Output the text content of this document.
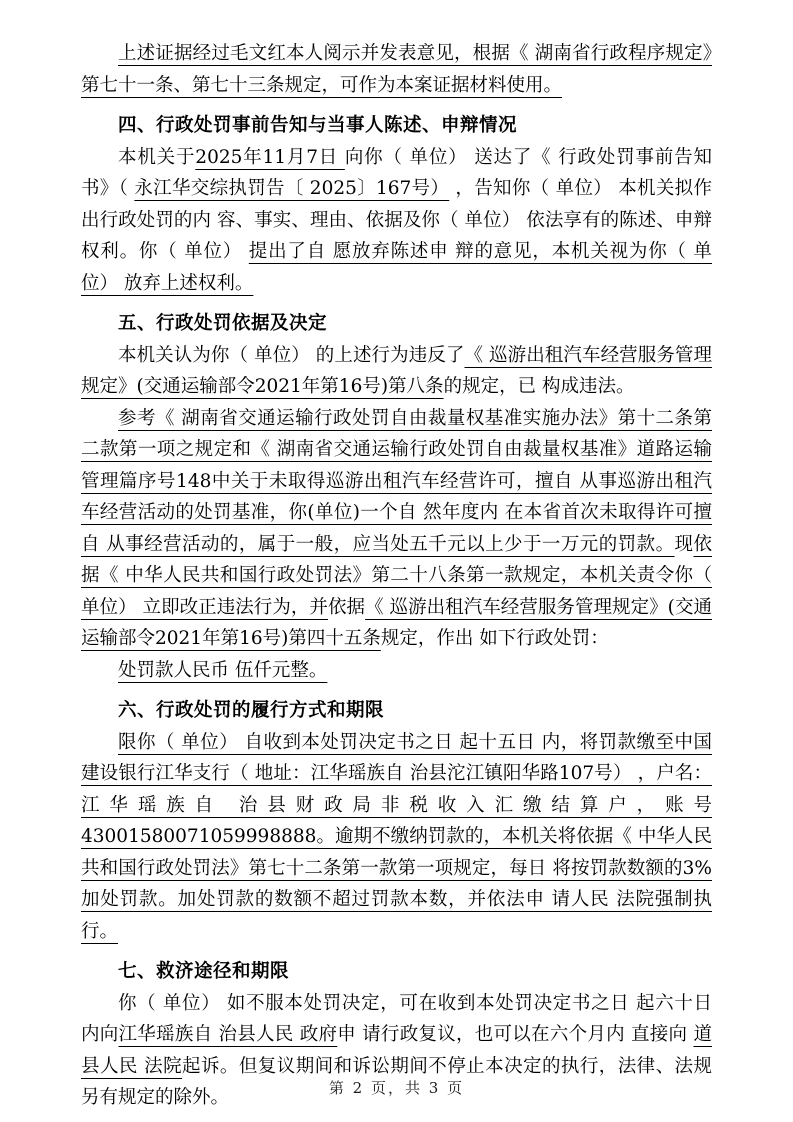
上述证据经过毛文红本人阅示并发表意见，根据《 湖南省行政程序规定》第七十一条、第七十三条规定，可作为本案证据材料使用。

四、行政处罚事前告知与当事人陈述、申辩情况

本机关于2025年11月7日 向你（ 单位） 送达了《 行政处罚事前告知书》（ 永江华交综执罚告〔 2025〕167号） ，告知你（ 单位） 本机关拟作出行政处罚的内 容、事实、理由、依据及你（ 单位） 依法享有的陈述、申辩权利。你（ 单位） 提出了自 愿放弃陈述申 辩的意见，本机关视为你（ 单位） 放弃上述权利。

五、行政处罚依据及决定

本机关认为你（ 单位） 的上述行为违反了《 巡游出租汽车经营服务管理规定》(交通运输部令2021年第16号)第八条的规定，已 构成违法。

参考《 湖南省交通运输行政处罚自由裁量权基准实施办法》第十二条第二款第一项之规定和《 湖南省交通运输行政处罚自由裁量权基准》道路运输管理篇序号148中关于未取得巡游出租汽车经营许可，擅自 从事巡游出租汽车经营活动的处罚基准，你(单位)一个自 然年度内 在本省首次未取得许可擅自 从事经营活动的，属于一般，应当处五千元以上少于一万元的罚款。现依据《 中华人民共和国行政处罚法》第二十八条第一款规定，本机关责令你（ 单位） 立即改正违法行为，并依据《 巡游出租汽车经营服务管理规定》(交通运输部令2021年第16号)第四十五条规定，作出 如下行政处罚：

处罚款人民币 伍仟元整。

六、行政处罚的履行方式和期限

限你（ 单位） 自收到本处罚决定书之日 起十五日 内，将罚款缴至中国建设银行江华支行（ 地址：江华瑶族自 治县沱江镇阳华路107号） ，户名：江华瑶族自 治县财政局非税收入汇缴结算户，账号43001580071059998888。逾期不缴纳罚款的，本机关将依据《 中华人民共和国行政处罚法》第七十二条第一款第一项规定，每日 将按罚款数额的3%加处罚款。加处罚款的数额不超过罚款本数，并依法申 请人民 法院强制执行。

七、救济途径和期限

你（ 单位） 如不服本处罚决定，可在收到本处罚决定书之日 起六十日 内向江华瑶族自 治县人民 政府申 请行政复议，也可以在六个月内 直接向 道县人民 法院起诉。但复议期间和诉讼期间不停止本决定的执行，法律、法规另有规定的除外。	第 2 页，共 3 页
